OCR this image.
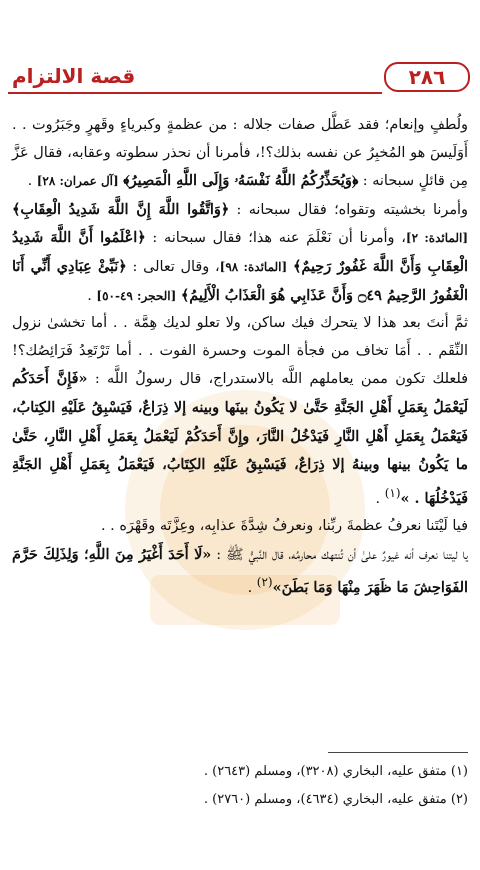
٢٨٦
قصة الالتزام

ولُطفٍ وإنعام؛ فقد عَطَّل صفات جلاله : من عظمةٍ وكبرياءٍ وقَهرٍ وجَبَرُوت . . أَوَلَيسَ هو المُخبِرُ عن نفسه بذلك؟!، فأمرنا أن نحذر سطوته وعقابه، فقال عَزَّ مِن قائلٍ سبحانه : ﴿وَيُحَذِّرُكُمُ اللَّهُ نَفْسَهُۥ وَإِلَى اللَّهِ الْمَصِيرُ﴾ [آل عمران: ٢٨] .

وأمرنا بخشيته وتقواه؛ فقال سبحانه : ﴿وَاتَّقُوا اللَّهَ إِنَّ اللَّهَ شَدِيدُ الْعِقَابِ﴾ [المائدة: ٢]، وأمرنا أن نَعْلَمَ عنه هذا؛ فقال سبحانه : ﴿اعْلَمُوا أَنَّ اللَّهَ شَدِيدُ الْعِقَابِ وَأَنَّ اللَّهَ غَفُورٌ رَحِيمٌ﴾ [المائدة: ٩٨]، وقال تعالى : ﴿نَبِّئْ عِبَادِي أَنِّي أَنَا الْغَفُورُ الرَّحِيمُ ۝٤٩ وَأَنَّ عَذَابِي هُوَ الْعَذَابُ الْأَلِيمُ﴾ [الحجر: ٤٩-٥٠] .

ثمَّ أنتَ بعد هذا لا يتحرك فيك ساكن، ولا تعلو لديك هِمَّة . . أما تخشىٰ نزول النِّقَم . . أَمَا تخاف من فجأة الموت وحسرة الفوت . . أما تَرْتَعِدُ فَرَائِصُك؟! فلعلك تكون ممن يعاملهم اللَّه بالاستدراج، قال رسولُ اللَّه : «فَإِنَّ أَحَدَكُم لَيَعْمَلُ بِعَمَلِ أَهْلِ الجَنَّةِ حَتَّىٰ لا يَكُونُ بينَها وبينه إلا ذِرَاعٌ، فَيَسْبِقُ عَلَيْهِ الكِتابُ، فَيَعْمَلُ بِعَمَلِ أَهْلِ النَّارِ فَيَدْخُلُ النَّارَ، وإِنَّ أَحَدَكُمْ لَيَعْمَلُ بِعَمَلِ أَهْلِ النَّارِ، حَتَّىٰ ما يَكُونُ بينها وبينهُ إلا ذِرَاعٌ، فَيَسْبِقُ عَلَيْهِ الكِتَابُ، فَيَعْمَلُ بِعَمَلِ أَهْلِ الجَنَّةِ فَيَدْخُلُهَا . »$^{(١)}$ .

فيا لَيْتَنا نعرفُ عظمةَ ربِّنا، ونعرفُ شِدَّةَ عذابِه، وعِزَّتَه وقَهْرَه . .

يا ليتنا نعرف أنه غيورٌ علىٰ أن تُنتهك محارمُه، قال النَّبيُّ ﷺ : «لَا أَحَدَ أَغْيَرُ مِنَ اللَّهِ؛ وَلِذَلِكَ حَرَّمَ الفَوَاحِشَ مَا ظَهَرَ مِنْهَا وَمَا بَطَنَ»$^{(٢)}$ .

(١) متفق عليه، البخاري (٣٢٠٨)، ومسلم (٢٦٤٣) .
(٢) متفق عليه، البخاري (٤٦٣٤)، ومسلم (٢٧٦٠) .
